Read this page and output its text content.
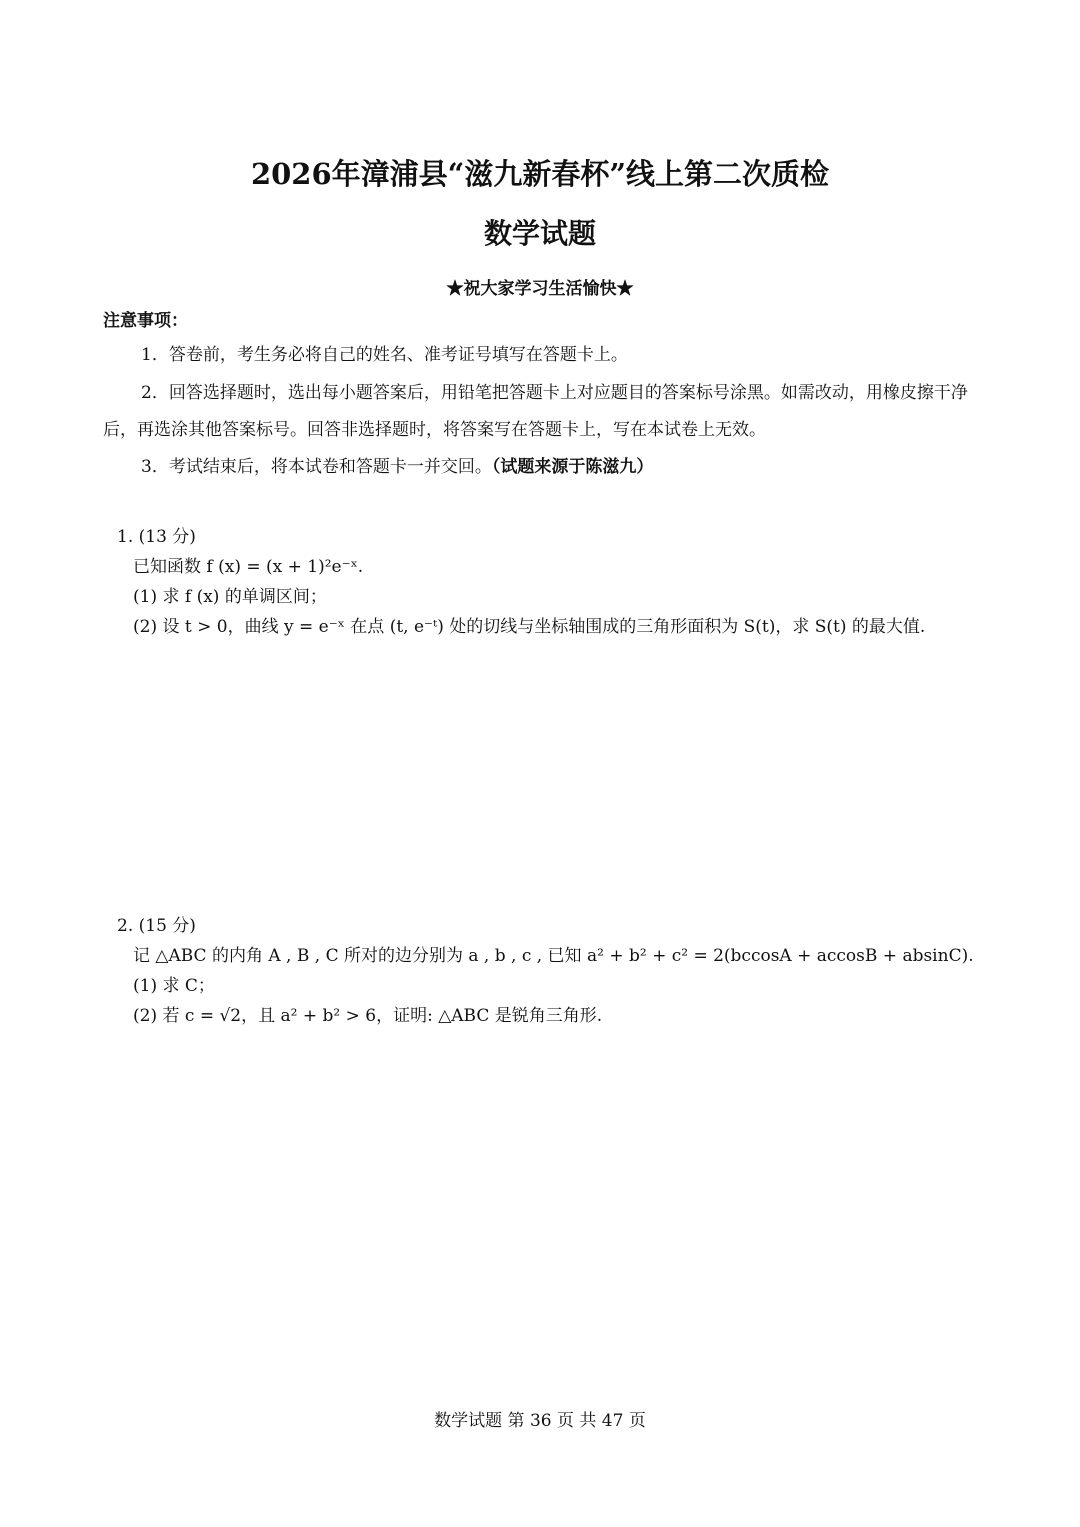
2026年漳浦县“滋九新春杯”线上第二次质检
数学试题
★祝大家学习生活愉快★
注意事项：
1．答卷前，考生务必将自己的姓名、准考证号填写在答题卡上。
2．回答选择题时，选出每小题答案后，用铅笔把答题卡上对应题目的答案标号涂黑。如需改动，用橡皮擦干净后，再选涂其他答案标号。回答非选择题时，将答案写在答题卡上，写在本试卷上无效。
3．考试结束后，将本试卷和答题卡一并交回。（试题来源于陈滋九）
1. (13 分)
已知函数 f (x) = (x + 1)²e⁻ˣ.
(1) 求 f (x) 的单调区间；
(2) 设 t > 0，曲线 y = e⁻ˣ 在点 (t, e⁻ᵗ) 处的切线与坐标轴围成的三角形面积为 S(t)，求 S(t) 的最大值.
2. (15 分)
记 △ABC 的内角 A , B , C 所对的边分别为 a , b , c , 已知 a² + b² + c² = 2(bccosA + accosB + absinC).
(1) 求 C；
(2) 若 c = √2，且 a² + b² > 6，证明: △ABC 是锐角三角形.
数学试题 第 36 页 共 47 页
